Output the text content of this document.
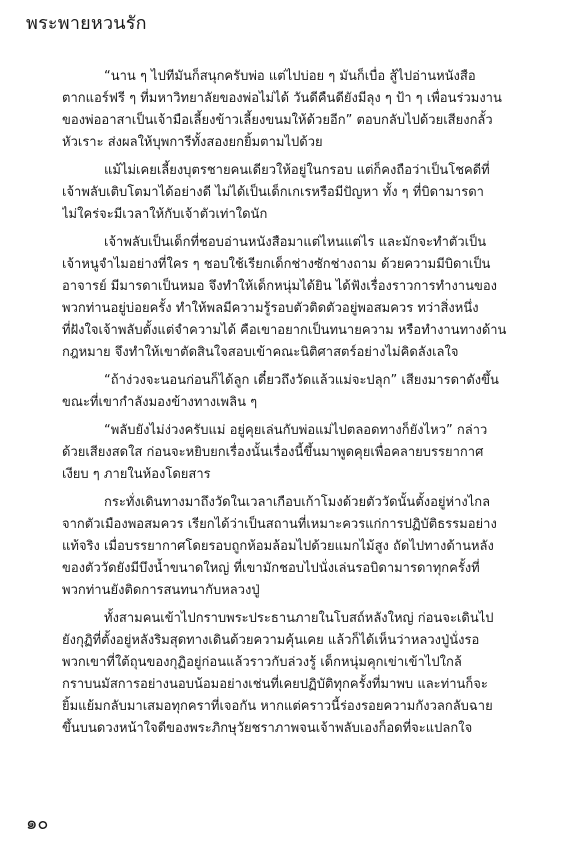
พระพายหวนรัก
“นาน ๆ ไปทีมันก็สนุกครับพ่อ แต่ไปบ่อย ๆ มันก็เบื่อ สู้ไปอ่านหนังสือ
ตากแอร์ฟรี ๆ ที่มหาวิทยาลัยของพ่อไม่ได้ วันดีคืนดียังมีลุง ๆ ป้า ๆ เพื่อนร่วมงาน
ของพ่ออาสาเป็นเจ้ามือเลี้ยงข้าวเลี้ยงขนมให้ด้วยอีก” ตอบกลับไปด้วยเสียงกลั้ว
หัวเราะ ส่งผลให้บุพการีทั้งสองยกยิ้มตามไปด้วย
แม้ไม่เคยเลี้ยงบุตรชายคนเดียวให้อยู่ในกรอบ แต่ก็คงถือว่าเป็นโชคดีที่
เจ้าพลับเติบโตมาได้อย่างดี ไม่ได้เป็นเด็กเกเรหรือมีปัญหา ทั้ง ๆ ที่บิดามารดา
ไม่ใคร่จะมีเวลาให้กับเจ้าตัวเท่าใดนัก
เจ้าพลับเป็นเด็กที่ชอบอ่านหนังสือมาแต่ไหนแต่ไร และมักจะทำตัวเป็น
เจ้าหนูจำไมอย่างที่ใคร ๆ ชอบใช้เรียกเด็กช่างซักช่างถาม ด้วยความมีบิดาเป็น
อาจารย์ มีมารดาเป็นหมอ จึงทำให้เด็กหนุ่มได้ยิน ได้ฟังเรื่องราวการทำงานของ
พวกท่านอยู่บ่อยครั้ง ทำให้พลมีความรู้รอบตัวติดตัวอยู่พอสมควร ทว่าสิ่งหนึ่ง
ที่ฝังใจเจ้าพลับตั้งแต่จำความได้ คือเขาอยากเป็นทนายความ หรือทำงานทางด้าน
กฎหมาย จึงทำให้เขาตัดสินใจสอบเข้าคณะนิติศาสตร์อย่างไม่คิดลังเลใจ
“ถ้าง่วงจะนอนก่อนก็ได้ลูก เดี๋ยวถึงวัดแล้วแม่จะปลุก” เสียงมารดาดังขึ้น
ขณะที่เขากำลังมองข้างทางเพลิน ๆ
“พลับยังไม่ง่วงครับแม่ อยู่คุยเล่นกับพ่อแม่ไปตลอดทางก็ยังไหว” กล่าว
ด้วยเสียงสดใส ก่อนจะหยิบยกเรื่องนั้นเรื่องนี้ขึ้นมาพูดคุยเพื่อคลายบรรยากาศ
เงียบ ๆ ภายในห้องโดยสาร
กระทั่งเดินทางมาถึงวัดในเวลาเกือบเก้าโมงด้วยตัววัดนั้นตั้งอยู่ห่างไกล
จากตัวเมืองพอสมควร เรียกได้ว่าเป็นสถานที่เหมาะควรแก่การปฏิบัติธรรมอย่าง
แท้จริง เมื่อบรรยากาศโดยรอบถูกห้อมล้อมไปด้วยแมกไม้สูง ถัดไปทางด้านหลัง
ของตัววัดยังมีบึงน้ำขนาดใหญ่ ที่เขามักชอบไปนั่งเล่นรอบิดามารดาทุกครั้งที่
พวกท่านยังติดการสนทนากับหลวงปู่
ทั้งสามคนเข้าไปกราบพระประธานภายในโบสถ์หลังใหญ่ ก่อนจะเดินไป
ยังกุฏิที่ตั้งอยู่หลังริมสุดทางเดินด้วยความคุ้นเคย แล้วก็ได้เห็นว่าหลวงปู่นั่งรอ
พวกเขาที่ใต้ถุนของกุฏิอยู่ก่อนแล้วราวกับล่วงรู้ เด็กหนุ่มคุกเข่าเข้าไปใกล้
กราบนมัสการอย่างนอบน้อมอย่างเช่นที่เคยปฏิบัติทุกครั้งที่มาพบ และท่านก็จะ
ยิ้มแย้มกลับมาเสมอทุกคราที่เจอกัน หากแต่คราวนี้ร่องรอยความกังวลกลับฉาย
ขึ้นบนดวงหน้าใจดีของพระภิกษุวัยชราภาพจนเจ้าพลับเองก็อดที่จะแปลกใจ
๑๐
